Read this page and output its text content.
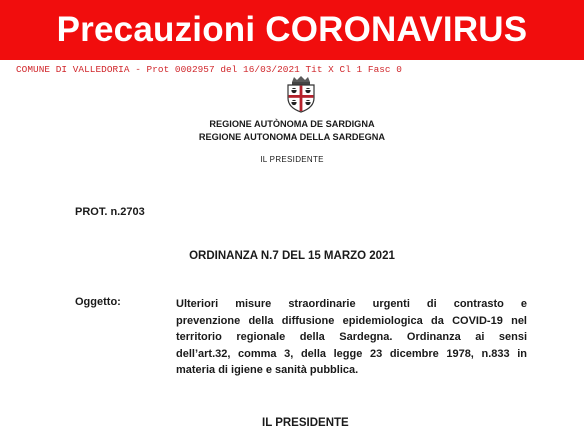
Precauzioni CORONAVIRUS
COMUNE DI VALLEDORIA - Prot 0002957 del 16/03/2021 Tit X Cl 1 Fasc 0
REGIONE AUTÒNOMA DE SARDIGNA
REGIONE AUTONOMA DELLA SARDEGNA
IL PRESIDENTE
PROT. n.2703
ORDINANZA N.7 DEL 15 MARZO 2021
Oggetto:	Ulteriori misure straordinarie urgenti di contrasto e
prevenzione della diffusione epidemiologica da COVID-19 nel
territorio regionale della Sardegna. Ordinanza ai sensi
dell’art.32, comma 3, della legge 23 dicembre 1978, n.833 in
materia di igiene e sanità pubblica.
IL PRESIDENTE
